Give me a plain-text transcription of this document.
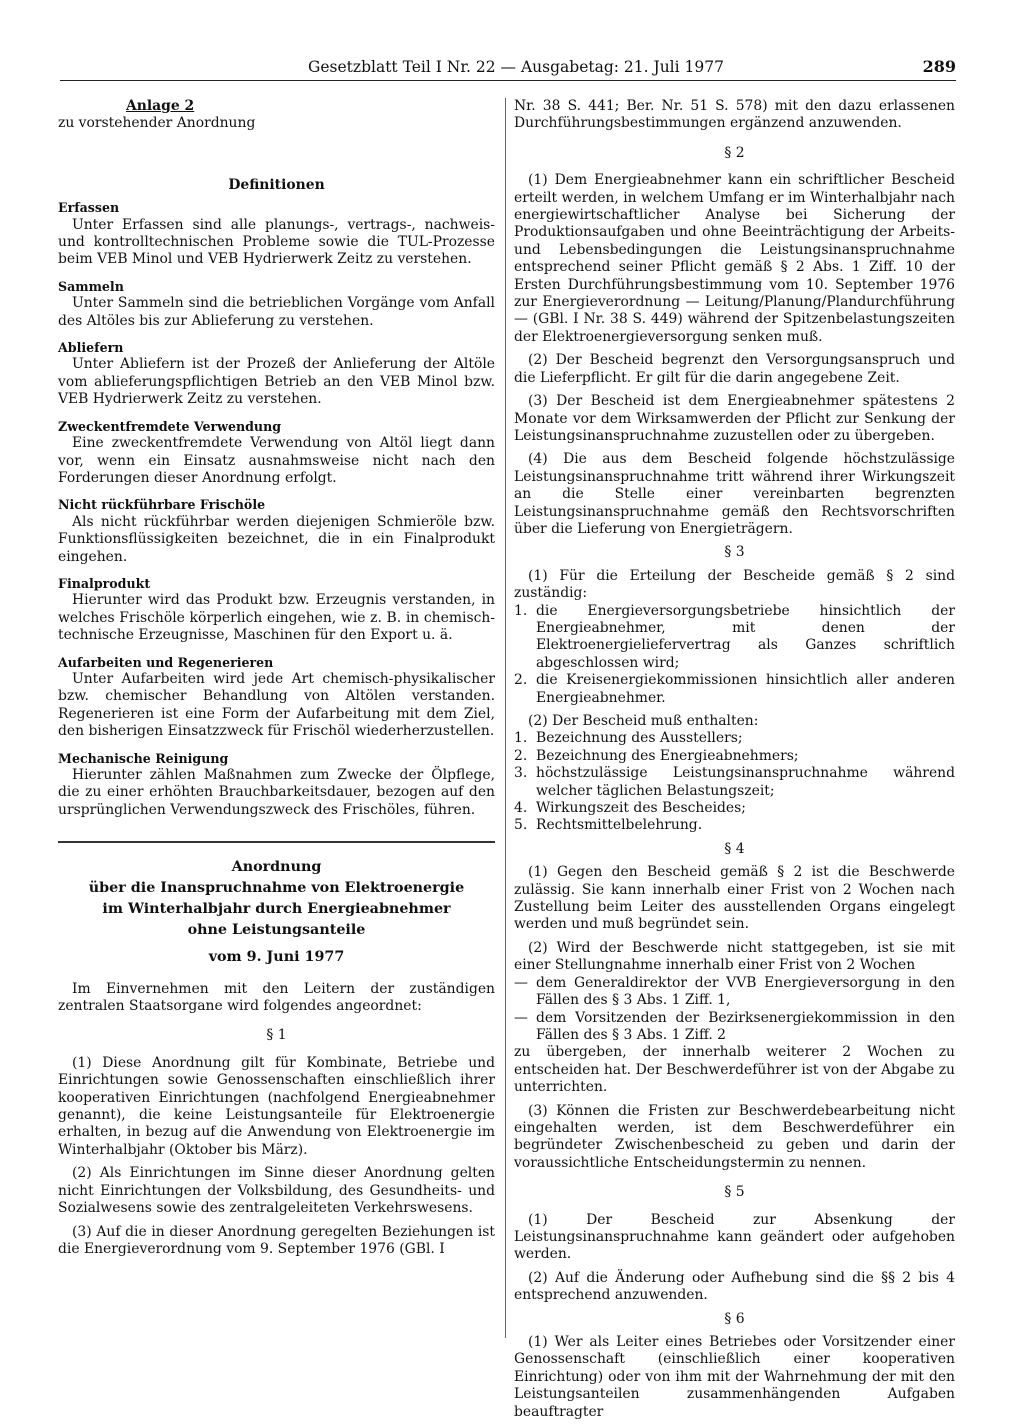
Gesetzblatt Teil I Nr. 22 — Ausgabetag: 21. Juli 1977	289

Anlage 2

zu vorstehender Anordnung

Definitionen

Erfassen

Unter Erfassen sind alle planungs-, vertrags-, nachweis- und kontrolltechnischen Probleme sowie die TUL-Prozesse beim VEB Minol und VEB Hydrierwerk Zeitz zu verstehen.

Sammeln

Unter Sammeln sind die betrieblichen Vorgänge vom Anfall des Altöles bis zur Ablieferung zu verstehen.

Abliefern

Unter Abliefern ist der Prozeß der Anlieferung der Altöle vom ablieferungspflichtigen Betrieb an den VEB Minol bzw. VEB Hydrierwerk Zeitz zu verstehen.

Zweckentfremdete Verwendung

Eine zweckentfremdete Verwendung von Altöl liegt dann vor, wenn ein Einsatz ausnahmsweise nicht nach den Forderungen dieser Anordnung erfolgt.

Nicht rückführbare Frischöle

Als nicht rückführbar werden diejenigen Schmieröle bzw. Funktionsflüssigkeiten bezeichnet, die in ein Finalprodukt eingehen.

Finalprodukt

Hierunter wird das Produkt bzw. Erzeugnis verstanden, in welches Frischöle körperlich eingehen, wie z. B. in chemisch-technische Erzeugnisse, Maschinen für den Export u. ä.

Aufarbeiten und Regenerieren

Unter Aufarbeiten wird jede Art chemisch-physikalischer bzw. chemischer Behandlung von Altölen verstanden. Regenerieren ist eine Form der Aufarbeitung mit dem Ziel, den bisherigen Einsatzzweck für Frischöl wiederherzustellen.

Mechanische Reinigung

Hierunter zählen Maßnahmen zum Zwecke der Ölpflege, die zu einer erhöhten Brauchbarkeitsdauer, bezogen auf den ursprünglichen Verwendungszweck des Frischöles, führen.

Anordnung

über die Inanspruchnahme von Elektroenergie

im Winterhalbjahr durch Energieabnehmer

ohne Leistungsanteile

vom 9. Juni 1977

Im Einvernehmen mit den Leitern der zuständigen zentralen Staatsorgane wird folgendes angeordnet:

§ 1

(1) Diese Anordnung gilt für Kombinate, Betriebe und Einrichtungen sowie Genossenschaften einschließlich ihrer kooperativen Einrichtungen (nachfolgend Energieabnehmer genannt), die keine Leistungsanteile für Elektroenergie erhalten, in bezug auf die Anwendung von Elektroenergie im Winterhalbjahr (Oktober bis März).

(2) Als Einrichtungen im Sinne dieser Anordnung gelten nicht Einrichtungen der Volksbildung, des Gesundheits- und Sozialwesens sowie des zentralgeleiteten Verkehrswesens.

(3) Auf die in dieser Anordnung geregelten Beziehungen ist die Energieverordnung vom 9. September 1976 (GBl. I

Nr. 38 S. 441; Ber. Nr. 51 S. 578) mit den dazu erlassenen Durchführungsbestimmungen ergänzend anzuwenden.

§ 2

(1) Dem Energieabnehmer kann ein schriftlicher Bescheid erteilt werden, in welchem Umfang er im Winterhalbjahr nach energiewirtschaftlicher Analyse bei Sicherung der Produktionsaufgaben und ohne Beeinträchtigung der Arbeits- und Lebensbedingungen die Leistungsinanspruchnahme entsprechend seiner Pflicht gemäß § 2 Abs. 1 Ziff. 10 der Ersten Durchführungsbestimmung vom 10. September 1976 zur Energieverordnung — Leitung/Planung/Plandurchführung — (GBl. I Nr. 38 S. 449) während der Spitzenbelastungszeiten der Elektroenergieversorgung senken muß.

(2) Der Bescheid begrenzt den Versorgungsanspruch und die Lieferpflicht. Er gilt für die darin angegebene Zeit.

(3) Der Bescheid ist dem Energieabnehmer spätestens 2 Monate vor dem Wirksamwerden der Pflicht zur Senkung der Leistungsinanspruchnahme zuzustellen oder zu übergeben.

(4) Die aus dem Bescheid folgende höchstzulässige Leistungsinanspruchnahme tritt während ihrer Wirkungszeit an die Stelle einer vereinbarten begrenzten Leistungsinanspruchnahme gemäß den Rechtsvorschriften über die Lieferung von Energieträgern.

§ 3

(1) Für die Erteilung der Bescheide gemäß § 2 sind zuständig:

1. die Energieversorgungsbetriebe hinsichtlich der Energieabnehmer, mit denen der Elektroenergieliefervertrag als Ganzes schriftlich abgeschlossen wird;

2. die Kreisenergiekommissionen hinsichtlich aller anderen Energieabnehmer.

(2) Der Bescheid muß enthalten:

1. Bezeichnung des Ausstellers;

2. Bezeichnung des Energieabnehmers;

3. höchstzulässige Leistungsinanspruchnahme während welcher täglichen Belastungszeit;

4. Wirkungszeit des Bescheides;

5. Rechtsmittelbelehrung.

§ 4

(1) Gegen den Bescheid gemäß § 2 ist die Beschwerde zulässig. Sie kann innerhalb einer Frist von 2 Wochen nach Zustellung beim Leiter des ausstellenden Organs eingelegt werden und muß begründet sein.

(2) Wird der Beschwerde nicht stattgegeben, ist sie mit einer Stellungnahme innerhalb einer Frist von 2 Wochen

— dem Generaldirektor der VVB Energieversorgung in den Fällen des § 3 Abs. 1 Ziff. 1,

— dem Vorsitzenden der Bezirksenergiekommission in den Fällen des § 3 Abs. 1 Ziff. 2

zu übergeben, der innerhalb weiterer 2 Wochen zu entscheiden hat. Der Beschwerdeführer ist von der Abgabe zu unterrichten.

(3) Können die Fristen zur Beschwerdebearbeitung nicht eingehalten werden, ist dem Beschwerdeführer ein begründeter Zwischenbescheid zu geben und darin der voraussichtliche Entscheidungstermin zu nennen.

§ 5

(1) Der Bescheid zur Absenkung der Leistungsinanspruchnahme kann geändert oder aufgehoben werden.

(2) Auf die Änderung oder Aufhebung sind die §§ 2 bis 4 entsprechend anzuwenden.

§ 6

(1) Wer als Leiter eines Betriebes oder Vorsitzender einer Genossenschaft (einschließlich einer kooperativen Einrichtung) oder von ihm mit der Wahrnehmung der mit den Leistungsanteilen zusammenhängenden Aufgaben beauftragter
